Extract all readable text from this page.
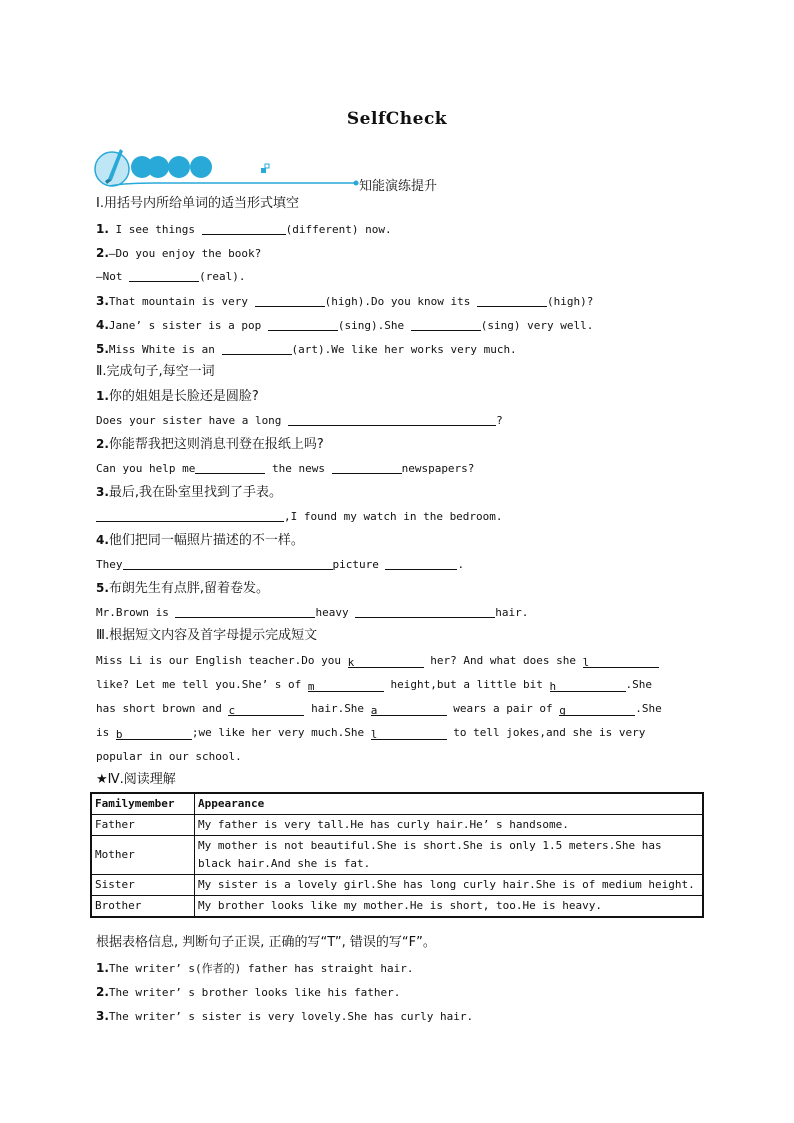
SelfCheck
知能演练提升
Ⅰ.用括号内所给单词的适当形式填空
1. I see things	(different) now.
2.—Do you enjoy the book?
—Not	(real).
3.That mountain is very	(high).Do you know its	(high)?
4.Jane’ s sister is a pop	(sing).She	(sing) very well.
5.Miss White is an	(art).We like her works very much.
Ⅱ.完成句子,每空一词
1.你的姐姐是长脸还是圆脸?
Does your sister have a long	?
2.你能帮我把这则消息刊登在报纸上吗?
Can you help me	the news	newspapers?
3.最后,我在卧室里找到了手表。
,I found my watch in the bedroom.
4.他们把同一幅照片描述的不一样。
They	picture	.
5.布朗先生有点胖,留着卷发。
Mr.Brown is	heavy	hair.
Ⅲ.根据短文内容及首字母提示完成短文
Miss Li is our English teacher.Do you k	her? And what does she l
like? Let me tell you.She’ s of m	height,but a little bit h	.She
has short brown and c	hair.She a	wears a pair of g	.She
is b	;we like her very much.She l	to tell jokes,and she is very
popular in our school.
★Ⅳ.阅读理解
Familymember	Appearance
Father	My father is very tall.He has curly hair.He’ s handsome.
Mother	My mother is not beautiful.She is short.She is only 1.5 meters.She has black hair.And she is fat.
Sister	My sister is a lovely girl.She has long curly hair.She is of medium height.
Brother	My brother looks like my mother.He is short, too.He is heavy.
根据表格信息, 判断句子正误, 正确的写“T”, 错误的写“F”。
1.The writer’ s(作者的) father has straight hair.
2.The writer’ s brother looks like his father.
3.The writer’ s sister is very lovely.She has curly hair.
